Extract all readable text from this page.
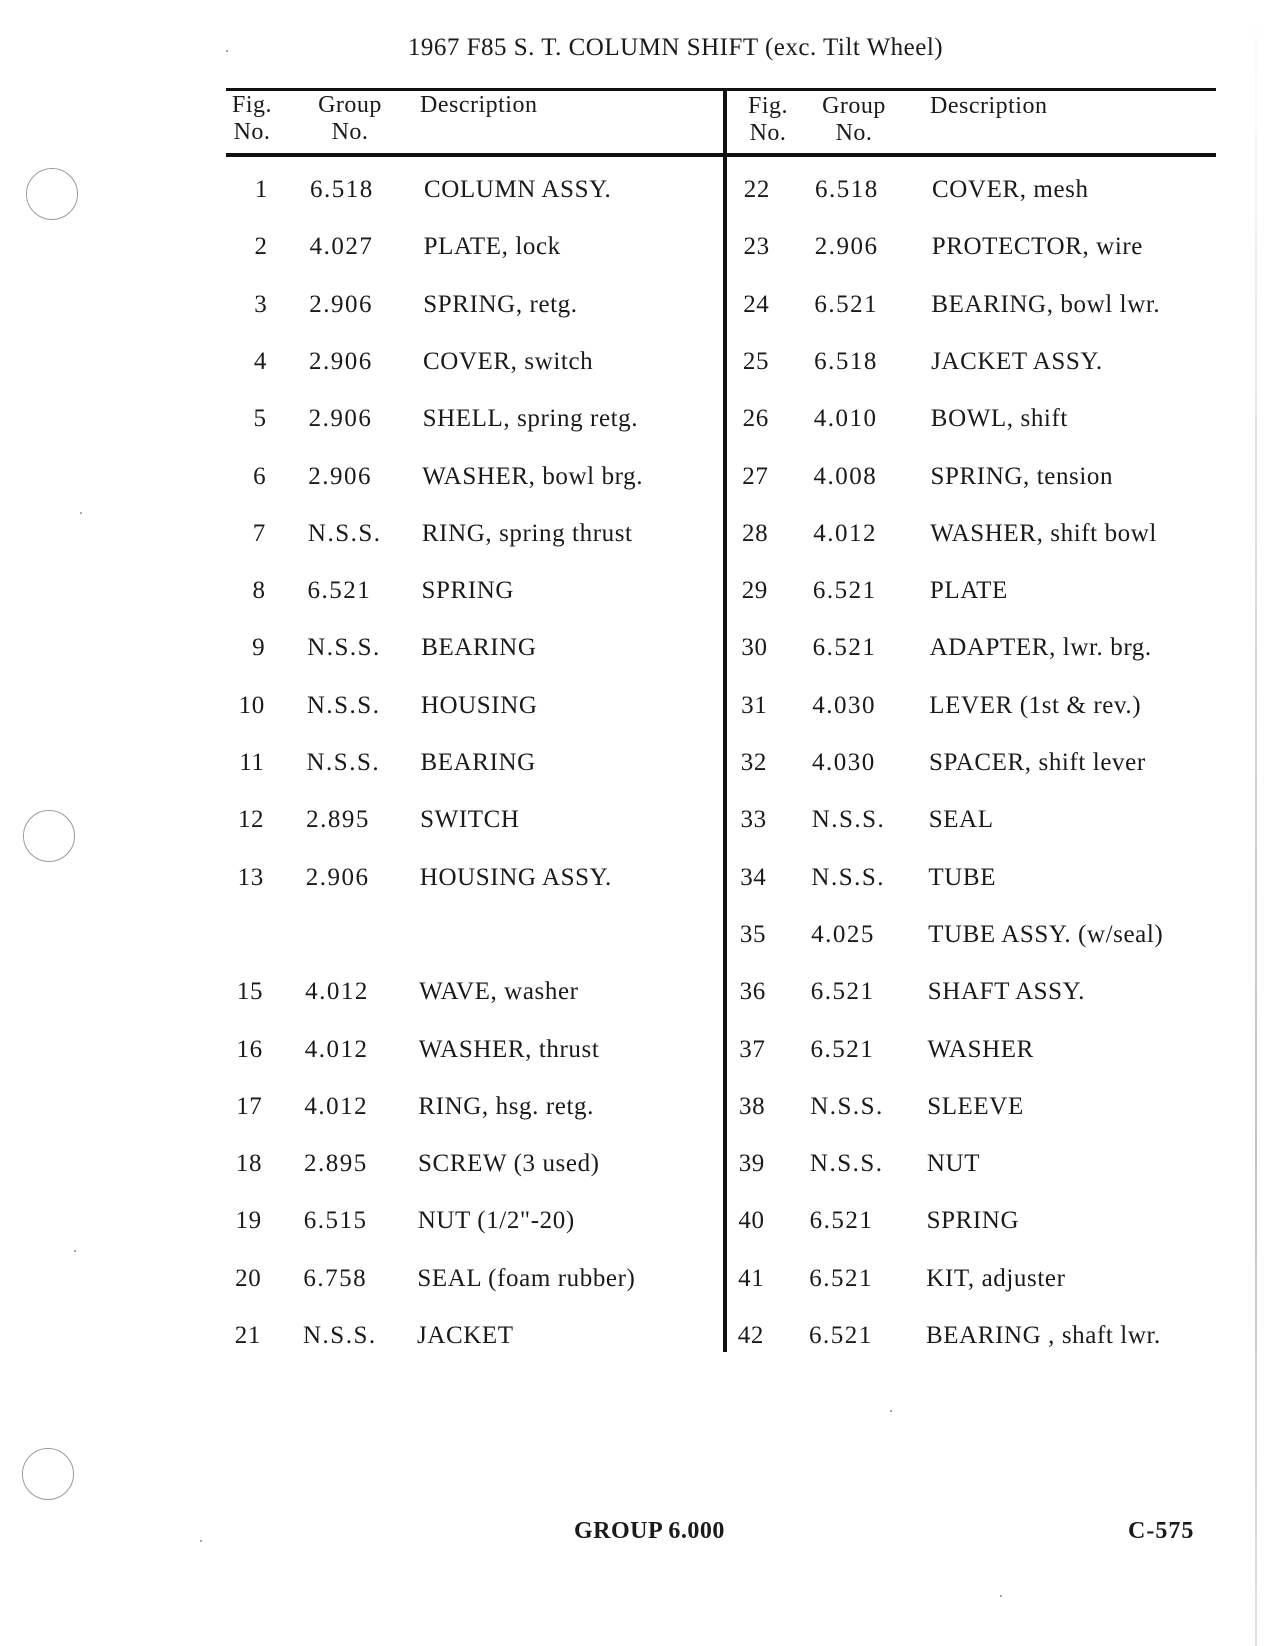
1967 F85 S. T. COLUMN SHIFT (exc. Tilt Wheel)
Fig.
No.
Group
No.
Description	Fig.
No.
Group
No.
Description
1 6.518 COLUMN ASSY.
2 4.027 PLATE, lock
3 2.906 SPRING, retg.
4 2.906 COVER, switch
5 2.906 SHELL, spring retg.
6 2.906 WASHER, bowl brg.
7 N.S.S. RING, spring thrust
8 6.521 SPRING
9 N.S.S. BEARING
10 N.S.S. HOUSING
11 N.S.S. BEARING
12 2.895 SWITCH
13 2.906 HOUSING ASSY.
15 4.012 WAVE, washer
16 4.012 WASHER, thrust
17 4.012 RING, hsg. retg.
18 2.895 SCREW (3 used)
19 6.515 NUT (1/2"-20)
20 6.758 SEAL (foam rubber)
21 N.S.S. JACKET
22 6.518 COVER, mesh
23 2.906 PROTECTOR, wire
24 6.521 BEARING, bowl lwr.
25 6.518 JACKET ASSY.
26 4.010 BOWL, shift
27 4.008 SPRING, tension
28 4.012 WASHER, shift bowl
29 6.521 PLATE
30 6.521 ADAPTER, lwr. brg.
31 4.030 LEVER (1st & rev.)
32 4.030 SPACER, shift lever
33 N.S.S. SEAL
34 N.S.S. TUBE
35 4.025 TUBE ASSY. (w/seal)
36 6.521 SHAFT ASSY.
37 6.521 WASHER
38 N.S.S. SLEEVE
39 N.S.S. NUT
40 6.521 SPRING
41 6.521 KIT, adjuster
42 6.521 BEARING , shaft lwr.
GROUP 6.000	C-575
